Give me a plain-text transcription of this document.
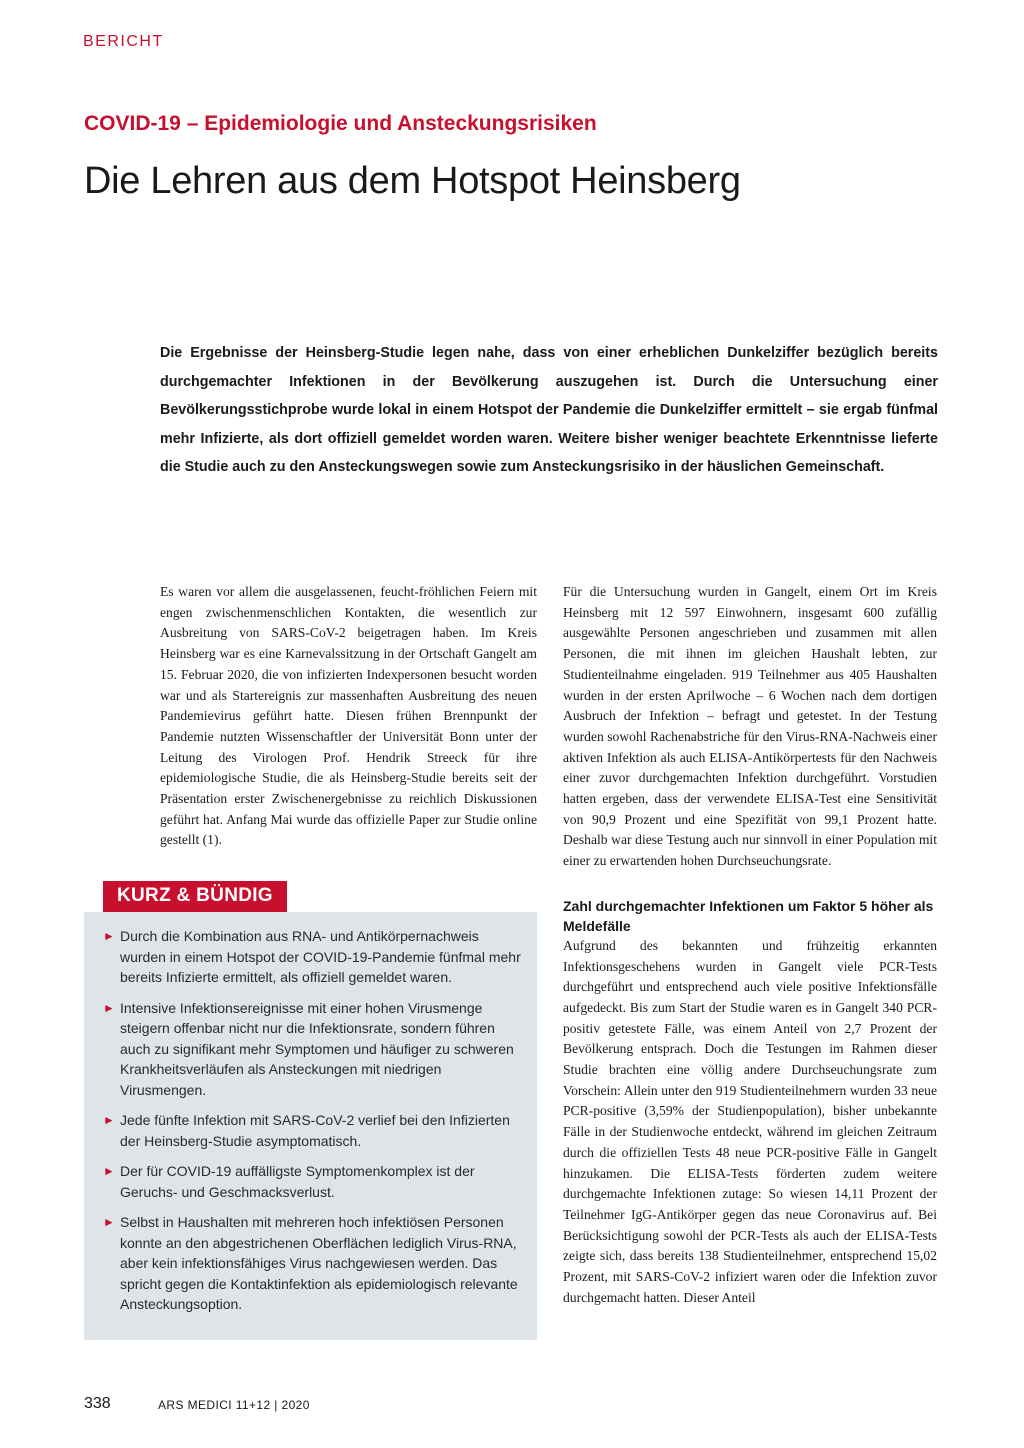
BERICHT
COVID-19 – Epidemiologie und Ansteckungsrisiken
Die Lehren aus dem Hotspot Heinsberg

Die Ergebnisse der Heinsberg-Studie legen nahe, dass von einer erheblichen Dunkelziffer bezüglich bereits durchgemachter Infektionen in der Bevölkerung auszugehen ist. Durch die Untersuchung einer Bevölkerungsstichprobe wurde lokal in einem Hotspot der Pandemie die Dunkelziffer ermittelt – sie ergab fünfmal mehr Infizierte, als dort offiziell gemeldet worden waren. Weitere bisher weniger beachtete Erkenntnisse lieferte die Studie auch zu den Ansteckungswegen sowie zum Ansteckungsrisiko in der häuslichen Gemeinschaft.

Es waren vor allem die ausgelassenen, feucht-fröhlichen Feiern mit engen zwischenmenschlichen Kontakten, die wesentlich zur Ausbreitung von SARS-CoV-2 beigetragen haben. Im Kreis Heinsberg war es eine Karnevalssitzung in der Ortschaft Gangelt am 15. Februar 2020, die von infizierten Indexpersonen besucht worden war und als Startereignis zur massenhaften Ausbreitung des neuen Pandemievirus geführt hatte. Diesen frühen Brennpunkt der Pandemie nutzten Wissenschaftler der Universität Bonn unter der Leitung des Virologen Prof. Hendrik Streeck für ihre epidemiologische Studie, die als Heinsberg-Studie bereits seit der Präsentation erster Zwischenergebnisse zu reichlich Diskussionen geführt hat. Anfang Mai wurde das offizielle Paper zur Studie online gestellt (1).

KURZ & BÜNDIG
► Durch die Kombination aus RNA- und Antikörpernachweis wurden in einem Hotspot der COVID-19-Pandemie fünfmal mehr bereits Infizierte ermittelt, als offiziell gemeldet waren.
► Intensive Infektionsereignisse mit einer hohen Virusmenge steigern offenbar nicht nur die Infektionsrate, sondern führen auch zu signifikant mehr Symptomen und häufiger zu schweren Krankheitsverläufen als Ansteckungen mit niedrigen Virusmengen.
► Jede fünfte Infektion mit SARS-CoV-2 verlief bei den Infizierten der Heinsberg-Studie asymptomatisch.
► Der für COVID-19 auffälligste Symptomenkomplex ist der Geruchs- und Geschmacksverlust.
► Selbst in Haushalten mit mehreren hoch infektiösen Personen konnte an den abgestrichenen Oberflächen lediglich Virus-RNA, aber kein infektionsfähiges Virus nachgewiesen werden. Das spricht gegen die Kontaktinfektion als epidemiologisch relevante Ansteckungsoption.

Für die Untersuchung wurden in Gangelt, einem Ort im Kreis Heinsberg mit 12 597 Einwohnern, insgesamt 600 zufällig ausgewählte Personen angeschrieben und zusammen mit allen Personen, die mit ihnen im gleichen Haushalt lebten, zur Studienteilnahme eingeladen. 919 Teilnehmer aus 405 Haushalten wurden in der ersten Aprilwoche – 6 Wochen nach dem dortigen Ausbruch der Infektion – befragt und getestet. In der Testung wurden sowohl Rachenabstriche für den Virus-RNA-Nachweis einer aktiven Infektion als auch ELISA-Antikörpertests für den Nachweis einer zuvor durchgemachten Infektion durchgeführt. Vorstudien hatten ergeben, dass der verwendete ELISA-Test eine Sensitivität von 90,9 Prozent und eine Spezifität von 99,1 Prozent hatte. Deshalb war diese Testung auch nur sinnvoll in einer Population mit einer zu erwartenden hohen Durchseuchungsrate.

Zahl durchgemachter Infektionen um Faktor 5 höher als Meldefälle

Aufgrund des bekannten und frühzeitig erkannten Infektionsgeschehens wurden in Gangelt viele PCR-Tests durchgeführt und entsprechend auch viele positive Infektionsfälle aufgedeckt. Bis zum Start der Studie waren es in Gangelt 340 PCR-positiv getestete Fälle, was einem Anteil von 2,7 Prozent der Bevölkerung entsprach. Doch die Testungen im Rahmen dieser Studie brachten eine völlig andere Durchseuchungsrate zum Vorschein: Allein unter den 919 Studienteilnehmern wurden 33 neue PCR-positive (3,59% der Studienpopulation), bisher unbekannte Fälle in der Studienwoche entdeckt, während im gleichen Zeitraum durch die offiziellen Tests 48 neue PCR-positive Fälle in Gangelt hinzukamen. Die ELISA-Tests förderten zudem weitere durchgemachte Infektionen zutage: So wiesen 14,11 Prozent der Teilnehmer IgG-Antikörper gegen das neue Coronavirus auf. Bei Berücksichtigung sowohl der PCR-Tests als auch der ELISA-Tests zeigte sich, dass bereits 138 Studienteilnehmer, entsprechend 15,02 Prozent, mit SARS-CoV-2 infiziert waren oder die Infektion zuvor durchgemacht hatten. Dieser Anteil

338	ARS MEDICI 11+12 | 2020
